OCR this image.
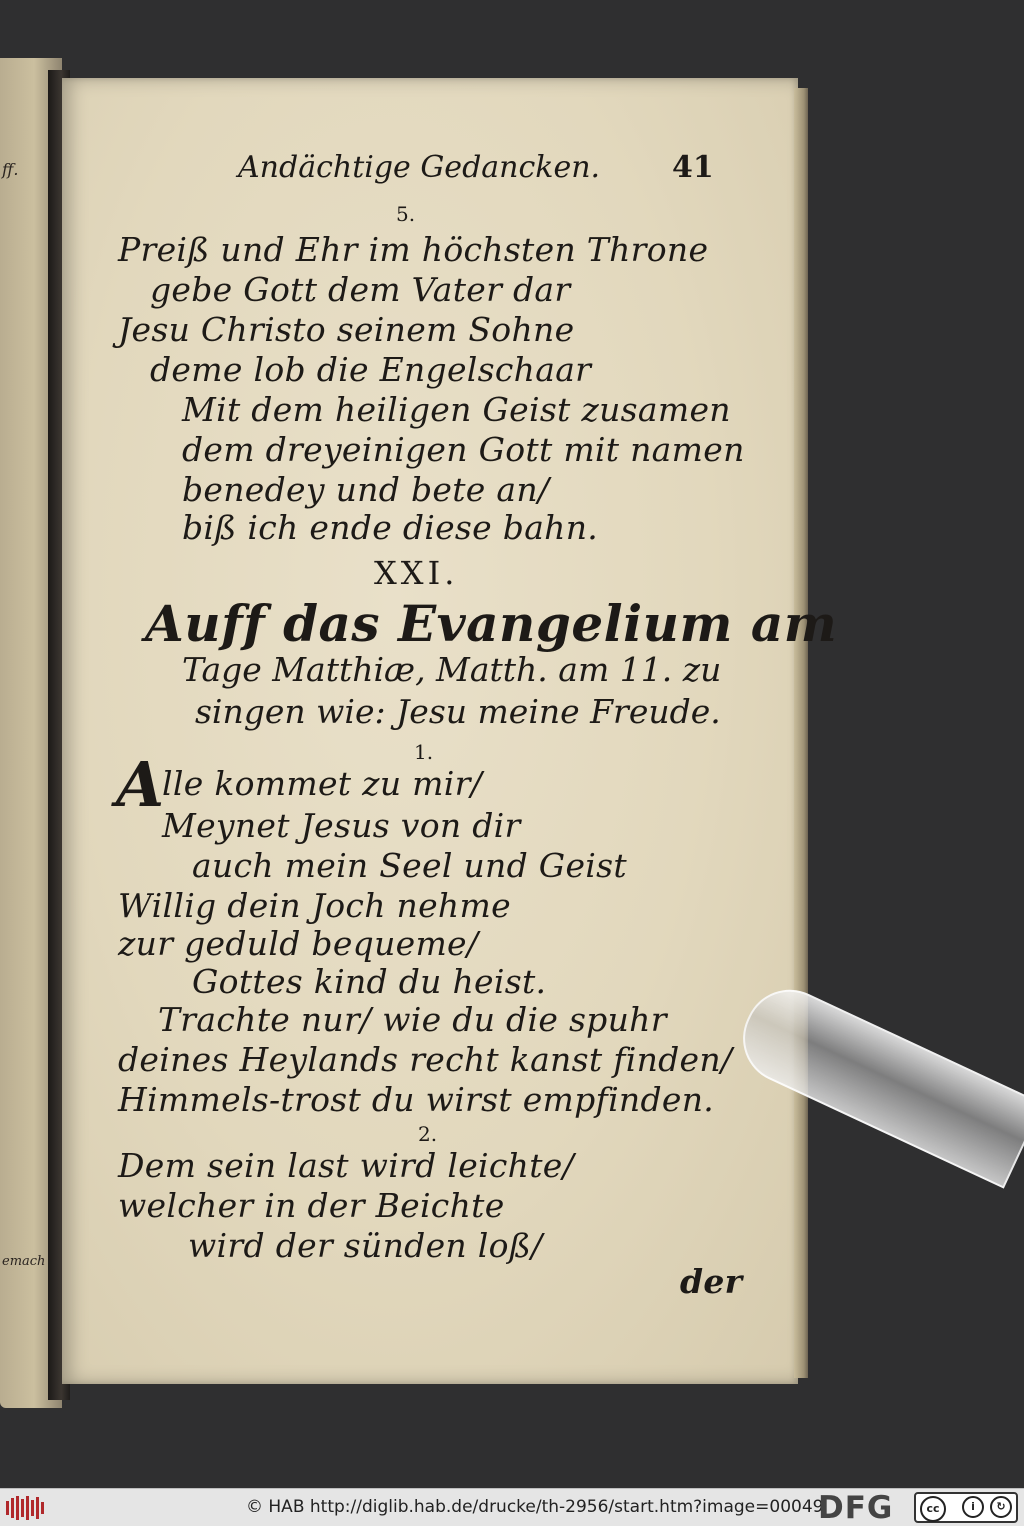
ff.
emach
Andächtige Gedancken. 41
5.
Preiß und Ehr im höchsten Throne
gebe Gott dem Vater dar
Jesu Christo seinem Sohne
deme lob die Engelschaar
Mit dem heiligen Geist zusamen
dem dreyeinigen Gott mit namen
benedey und bete an/
biß ich ende diese bahn.
XXI.
Auff das Evangelium am
Tage Matthiæ, Matth. am 11. zu
singen wie: Jesu meine Freude.
1.
A
lle kommet zu mir/
Meynet Jesus von dir
auch mein Seel und Geist
Willig dein Joch nehme
zur geduld bequeme/
Gottes kind du heist.
Trachte nur/ wie du die spuhr
deines Heylands recht kanst finden/
Himmels-trost du wirst empfinden.
2.
Dem sein last wird leichte/
welcher in der Beichte
wird der sünden loß/
der
© HAB http://diglib.hab.de/drucke/th-2956/start.htm?image=00049
DFG	cc	i	↻
